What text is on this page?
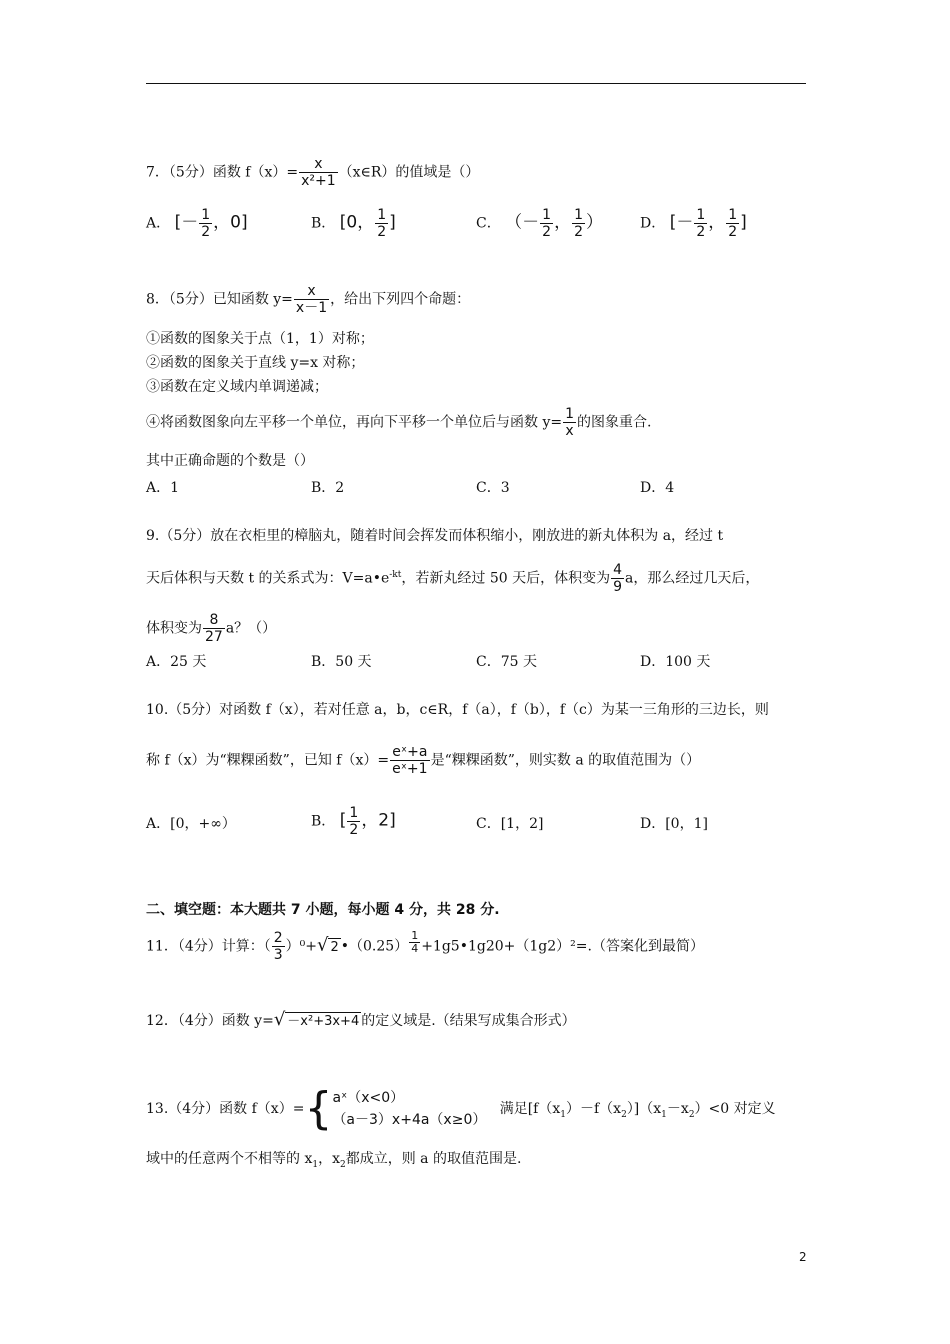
7．（5分）函数 $f(x)= \frac{x}{\text{x²+1}}$ （x∈R）的值域是（）
A． [－ $\frac{1}{2}$ ，0]	B． [0， $\frac{1}{2}$ ]	C． （－ $\frac{1}{2}$ ， $\frac{1}{2}$ ）	D． [－ $\frac{1}{2}$ ， $\frac{1}{2}$ ]
8．（5分）已知函数 $y= \frac{x}{x-1}$ ，给出下列四个命题：
①函数的图象关于点（1，1）对称；
②函数的图象关于直线 y=x 对称；
③函数在定义域内单调递减；
④将函数图象向左平移一个单位，再向下平移一个单位后与函数 $y= \frac{1}{x}$ 的图象重合.
其中正确命题的个数是（）
A．1	B．2	C．3	D．4
9.（5分）放在衣柜里的樟脑丸，随着时间会挥发而体积缩小，刚放进的新丸体积为 a，经过 t
天后体积与天数 t 的关系式为：$V=a•e^{-kt}$，若新丸经过 50 天后，体积变为 $\frac{4}{9}$ a，那么经过几天后，
体积变为 $\frac{8}{27}$ a？（）
A．25 天	B．50 天	C．75 天	D．100 天
10.（5分）对函数 f（x），若对任意 a，b，c∈R，f（a），f（b），f（c）为某一三角形的三边长，则
称 f（x）为“粿粿函数”，已知 $f(x)= \frac{\text{eˣ+a}}{\text{eˣ+1}}$ 是“粿粿函数”，则实数 a 的取值范围为（）
A．[0，+∞）	B． [ $\frac{1}{2}$ ，2]	C．[1，2]	D．[0，1]
二、填空题：本大题共 7 小题，每小题 4 分，共 28 分.
11．（4分）计算：（ $\frac{2}{3} )^0+√$ 2 •（0.25） $\frac{1}{4}$ +1g5•1g20+（1g2）²=.（答案化到最简）
12．（4分）函数 y=√ －x²+3x+4 的定义域是.（结果写成集合形式）
13.（4分）函数 f（x）={ aˣ（x<0）
（a－3）x+4a（x≥0）
满足$[f(x_1)-f(x_2)](x_1-x_2)<0$ 对定义
域中的任意两个不相等的 $x_1$，$x_2$都成立，则 a 的取值范围是.
2
